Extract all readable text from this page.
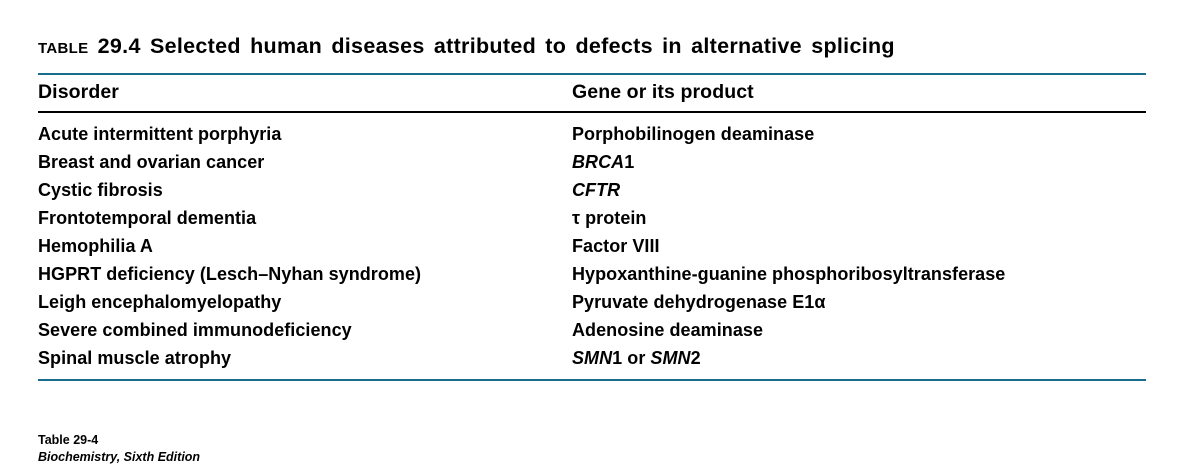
table 29.4 Selected human diseases attributed to defects in alternative splicing
Disorder	Gene or its product
Acute intermittent porphyria	Porphobilinogen deaminase
Breast and ovarian cancer	BRCA1
Cystic fibrosis	CFTR
Frontotemporal dementia	τ protein
Hemophilia A	Factor VIII
HGPRT deficiency (Lesch–Nyhan syndrome)	Hypoxanthine-guanine phosphoribosyltransferase
Leigh encephalomyelopathy	Pyruvate dehydrogenase E1α
Severe combined immunodeficiency	Adenosine deaminase
Spinal muscle atrophy	SMN1 or SMN2
Table 29-4
Biochemistry, Sixth Edition
